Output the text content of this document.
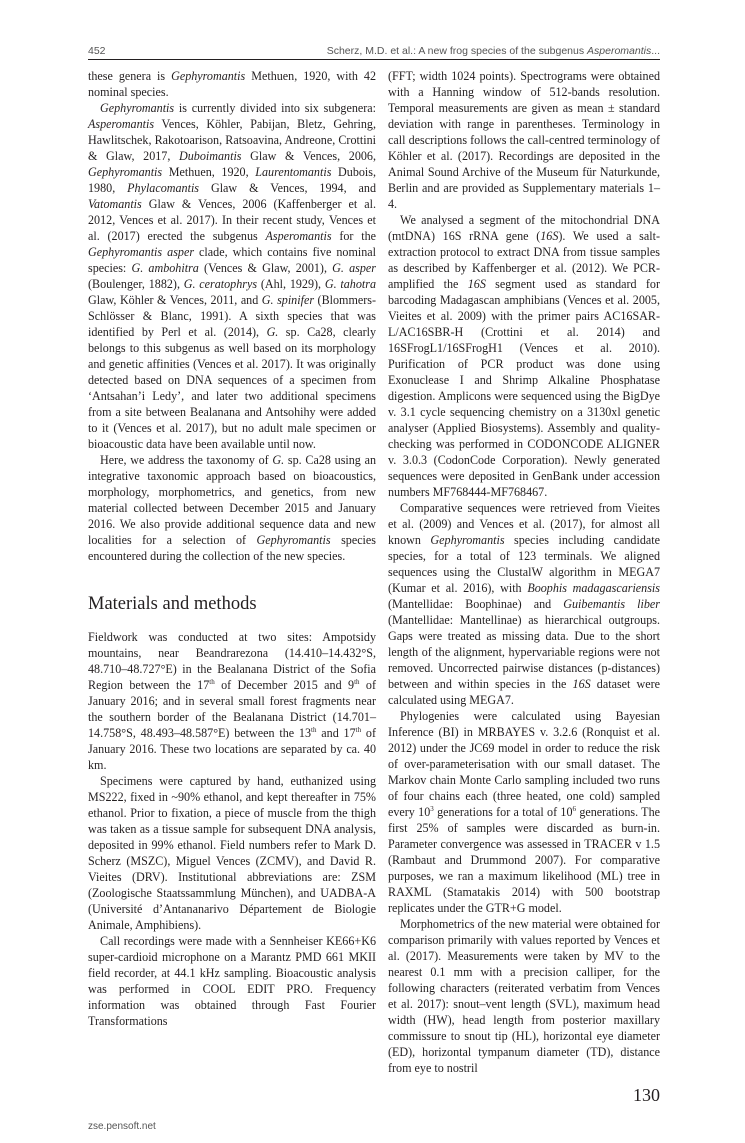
452	Scherz, M.D. et al.: A new frog species of the subgenus Asperomantis...

these genera is Gephyromantis Methuen, 1920, with 42 nominal species.

Gephyromantis is currently divided into six subgenera: Asperomantis Vences, Köhler, Pabijan, Bletz, Gehring, Hawlitschek, Rakotoarison, Ratsoavina, Andreone, Crottini & Glaw, 2017, Duboimantis Glaw & Vences, 2006, Gephyromantis Methuen, 1920, Laurentomantis Dubois, 1980, Phylacomantis Glaw & Vences, 1994, and Vatomantis Glaw & Vences, 2006 (Kaffenberger et al. 2012, Vences et al. 2017). In their recent study, Vences et al. (2017) erected the subgenus Asperomantis for the Gephyromantis asper clade, which contains five nominal species: G. ambohitra (Vences & Glaw, 2001), G. asper (Boulenger, 1882), G. ceratophrys (Ahl, 1929), G. tahotra Glaw, Köhler & Vences, 2011, and G. spinifer (Blommers-Schlösser & Blanc, 1991). A sixth species that was identified by Perl et al. (2014), G. sp. Ca28, clearly belongs to this subgenus as well based on its morphology and genetic affinities (Vences et al. 2017). It was originally detected based on DNA sequences of a specimen from ‘Antsahan’i Ledy’, and later two additional specimens from a site between Bealanana and Antsohihy were added to it (Vences et al. 2017), but no adult male specimen or bioacoustic data have been available until now.

Here, we address the taxonomy of G. sp. Ca28 using an integrative taxonomic approach based on bioacoustics, morphology, morphometrics, and genetics, from new material collected between December 2015 and January 2016. We also provide additional sequence data and new localities for a selection of Gephyromantis species encountered during the collection of the new species.

Materials and methods

Fieldwork was conducted at two sites: Ampotsidy mountains, near Beandrarezona (14.410–14.432°S, 48.710–48.727°E) in the Bealanana District of the Sofia Region between the 17th of December 2015 and 9th of January 2016; and in several small forest fragments near the southern border of the Bealanana District (14.701–14.758°S, 48.493–48.587°E) between the 13th and 17th of January 2016. These two locations are separated by ca. 40 km.

Specimens were captured by hand, euthanized using MS222, fixed in ~90% ethanol, and kept thereafter in 75% ethanol. Prior to fixation, a piece of muscle from the thigh was taken as a tissue sample for subsequent DNA analysis, deposited in 99% ethanol. Field numbers refer to Mark D. Scherz (MSZC), Miguel Vences (ZCMV), and David R. Vieites (DRV). Institutional abbreviations are: ZSM (Zoologische Staatssammlung München), and UADBA-A (Université d’Antananarivo Département de Biologie Animale, Amphibiens).

Call recordings were made with a Sennheiser KE66+K6 super-cardioid microphone on a Marantz PMD 661 MKII field recorder, at 44.1 kHz sampling. Bioacoustic analysis was performed in COOL EDIT PRO. Frequency information was obtained through Fast Fourier Transformations

(FFT; width 1024 points). Spectrograms were obtained with a Hanning window of 512-bands resolution. Temporal measurements are given as mean ± standard deviation with range in parentheses. Terminology in call descriptions follows the call-centred terminology of Köhler et al. (2017). Recordings are deposited in the Animal Sound Archive of the Museum für Naturkunde, Berlin and are provided as Supplementary materials 1–4.

We analysed a segment of the mitochondrial DNA (mtDNA) 16S rRNA gene (16S). We used a salt-extraction protocol to extract DNA from tissue samples as described by Kaffenberger et al. (2012). We PCR-amplified the 16S segment used as standard for barcoding Madagascan amphibians (Vences et al. 2005, Vieites et al. 2009) with the primer pairs AC16SAR-L/AC16SBR-H (Crottini et al. 2014) and 16SFrogL1/16SFrogH1 (Vences et al. 2010). Purification of PCR product was done using Exonuclease I and Shrimp Alkaline Phosphatase digestion. Amplicons were sequenced using the BigDye v. 3.1 cycle sequencing chemistry on a 3130xl genetic analyser (Applied Biosystems). Assembly and quality-checking was performed in CODONCODE ALIGNER v. 3.0.3 (CodonCode Corporation). Newly generated sequences were deposited in GenBank under accession numbers MF768444-MF768467.

Comparative sequences were retrieved from Vieites et al. (2009) and Vences et al. (2017), for almost all known Gephyromantis species including candidate species, for a total of 123 terminals. We aligned sequences using the ClustalW algorithm in MEGA7 (Kumar et al. 2016), with Boophis madagascariensis (Mantellidae: Boophinae) and Guibemantis liber (Mantellidae: Mantellinae) as hierarchical outgroups. Gaps were treated as missing data. Due to the short length of the alignment, hypervariable regions were not removed. Uncorrected pairwise distances (p-distances) between and within species in the 16S dataset were calculated using MEGA7.

Phylogenies were calculated using Bayesian Inference (BI) in MRBAYES v. 3.2.6 (Ronquist et al. 2012) under the JC69 model in order to reduce the risk of over-parameterisation with our small dataset. The Markov chain Monte Carlo sampling included two runs of four chains each (three heated, one cold) sampled every $10^3$ generations for a total of $10^6$ generations. The first 25% of samples were discarded as burn-in. Parameter convergence was assessed in TRACER v 1.5 (Rambaut and Drummond 2007). For comparative purposes, we ran a maximum likelihood (ML) tree in RAXML (Stamatakis 2014) with 500 bootstrap replicates under the GTR+G model.

Morphometrics of the new material were obtained for comparison primarily with values reported by Vences et al. (2017). Measurements were taken by MV to the nearest 0.1 mm with a precision calliper, for the following characters (reiterated verbatim from Vences et al. 2017): snout–vent length (SVL), maximum head width (HW), head length from posterior maxillary commissure to snout tip (HL), horizontal eye diameter (ED), horizontal tympanum diameter (TD), distance from eye to nostril

130
zse.pensoft.net
